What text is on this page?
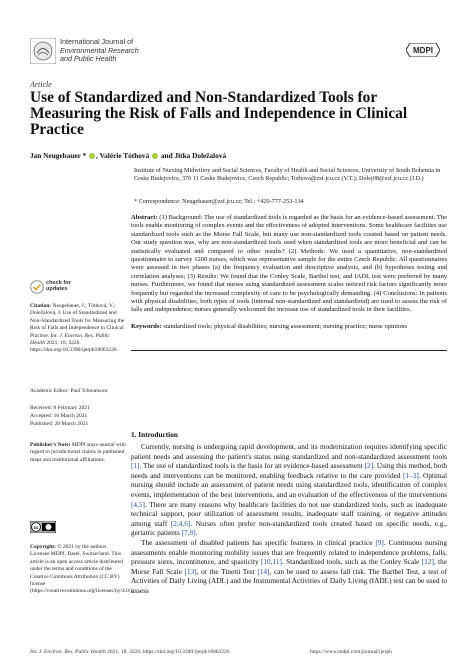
International Journal of
Environmental Research
and Public Health
MDPI
Article
Use of Standardized and Non-Standardized Tools for Measuring the Risk of Falls and Independence in Clinical Practice
Jan Neugebauer * , Valérie Tóthová and Jitka Doležalová
Institute of Nursing Midwifery and Social Sciences, Faculty of Health and Social Sciences, University of South Bohemia in Ceske Budejovice, 370 11 Ceske Budejovice, Czech Republic; Tothova@zsf.jcu.cz (V.T.); Dolej08@zsf.jcu.cz (J.D.)
* Correspondence: Neugebauer@zsf.jcu.cz; Tel.: +420-777-253-134
Abstract: (1) Background: The use of standardized tools is regarded as the basis for an evidence-based assessment. The tools enable monitoring of complex events and the effectiveness of adopted interventions. Some healthcare facilities use standardized tools such as the Morse Fall Scale, but many use non-standardized tools created based on patient needs. Our study question was, why are non-standardized tools used when standardized tools are more beneficial and can be statistically evaluated and compared to other results? (2) Methods: We used a quantitative, non-standardized questionnaire to survey 1200 nurses, which was representative sample for the entire Czech Republic. All questionnaires were assessed in two phases (a) the frequency evaluation and descriptive analysis, and (b) hypotheses testing and correlation analyses; (3) Results: We found that the Conley Scale, Barthel test, and IADL test were preferred by many nurses. Furthermore, we found that nurses using standardized assessment scales noticed risk factors significantly more frequently but regarded the increased complexity of care to be psychologically demanding. (4) Conclusions: In patients with physical disabilities, both types of tools (internal non-standardized and standardized) are used to assess the risk of falls and independence; nurses generally welcomed the increase use of standardized tools in their facilities.
Keywords: standardized tools; physical disabilities; nursing assessment; nursing practice; nurse opinions
check for
updates
Citation: Neugebauer, J.; Tóthová, V.; Doležalová, J. Use of Standardized and Non-Standardized Tools for Measuring the Risk of Falls and Independence in Clinical Practice. Int. J. Environ. Res. Public Health 2021, 18, 3226. https://doi.org/10.3390/ijerph18063226
Academic Editor: Paul Tchounwou
Received: 8 February 2021
Accepted: 16 March 2021
Published: 20 March 2021
Publisher's Note: MDPI stays neutral with regard to jurisdictional claims in published maps and institutional affiliations.
cc
Copyright: © 2021 by the authors. Licensee MDPI, Basel, Switzerland. This article is an open access article distributed under the terms and conditions of the Creative Commons Attribution (CC BY) license (https://creativecommons.org/licenses/by/4.0/).
1. Introduction

Currently, nursing is undergoing rapid development, and its modernization requires identifying specific patient needs and assessing the patient's status using standardized and non-standardized assessment tools [1]. The use of standardized tools is the basis for an evidence-based assessment [2]. Using this method, both needs and interventions can be monitored, enabling feedback relative to the care provided [1–3]. Optimal nursing should include an assessment of patient needs using standardized tools, identification of complex events, implementation of the best interventions, and an evaluation of the effectiveness of the interventions [4,5]. There are many reasons why healthcare facilities do not use standardized tools, such as inadequate technical support, poor utilization of assessment results, inadequate staff training, or negative attitudes among staff [2,4,6]. Nurses often prefer non-standardized tools created based on specific needs, e.g., geriatric patients [7,8].

The assessment of disabled patients has specific features in clinical practice [9]. Continuous nursing assessments enable monitoring mobility issues that are frequently related to independence problems, falls, pressure sores, incontinence, and spasticity [10,11]. Standardized tools, such as the Conley Scale [12], the Morse Fall Scale [13], or the Tinetti Test [14], can be used to assess fall risk. The Barthel Test, a test of Activities of Daily Living (ADL) and the Instrumental Activities of Daily Living (IADL) test can be used to assess

Int. J. Environ. Res. Public Health 2021, 18, 3226. https://doi.org/10.3390/ijerph18063226	https://www.mdpi.com/journal/ijerph
